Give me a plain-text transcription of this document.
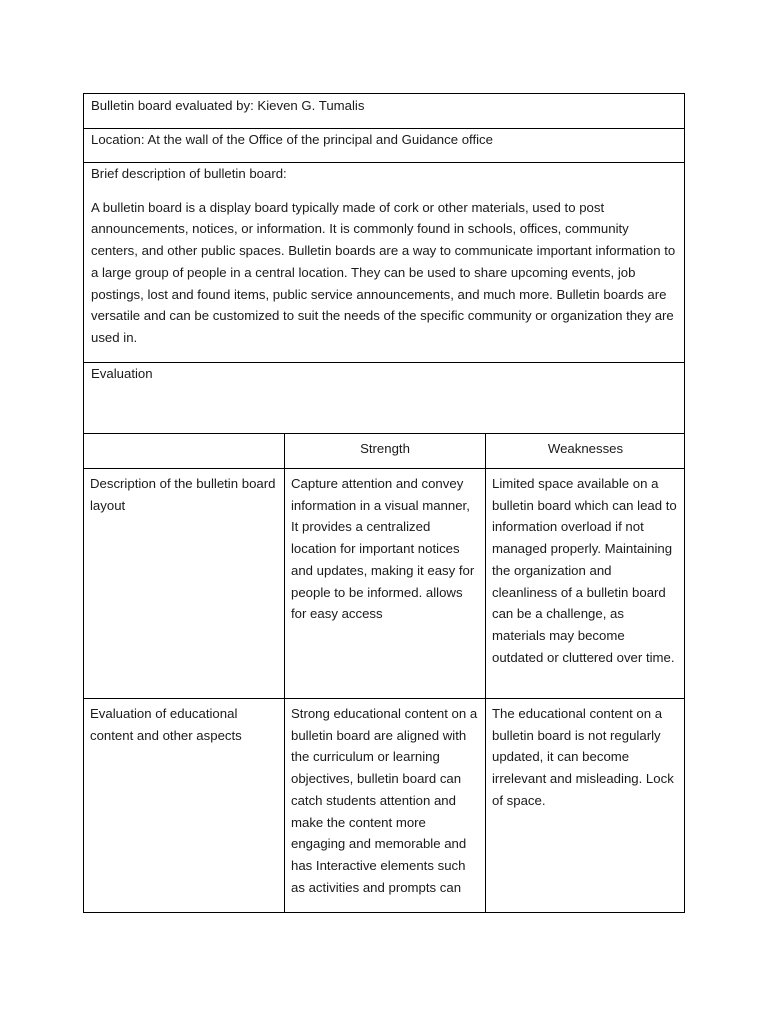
Bulletin board evaluated by: Kieven G. Tumalis
Location: At the wall of the Office of the principal and Guidance office

Brief description of bulletin board:

A bulletin board is a display board typically made of cork or other materials, used to post announcements, notices, or information. It is commonly found in schools, offices, community centers, and other public spaces. Bulletin boards are a way to communicate important information to a large group of people in a central location. They can be used to share upcoming events, job postings, lost and found items, public service announcements, and much more. Bulletin boards are versatile and can be customized to suit the needs of the specific community or organization they are used in.

Evaluation
Strength	Weaknesses
Description of the bulletin board layout
Capture attention and convey information in a visual manner, It provides a centralized location for important notices and updates, making it easy for people to be informed. allows for easy access
Limited space available on a bulletin board which can lead to information overload if not managed properly. Maintaining the organization and cleanliness of a bulletin board can be a challenge, as materials may become outdated or cluttered over time.
Evaluation of educational content and other aspects
Strong educational content on a bulletin board are aligned with the curriculum or learning objectives, bulletin board can catch students attention and make the content more engaging and memorable and has Interactive elements such as activities and prompts can
The educational content on a bulletin board is not regularly updated, it can become irrelevant and misleading. Lock of space.
